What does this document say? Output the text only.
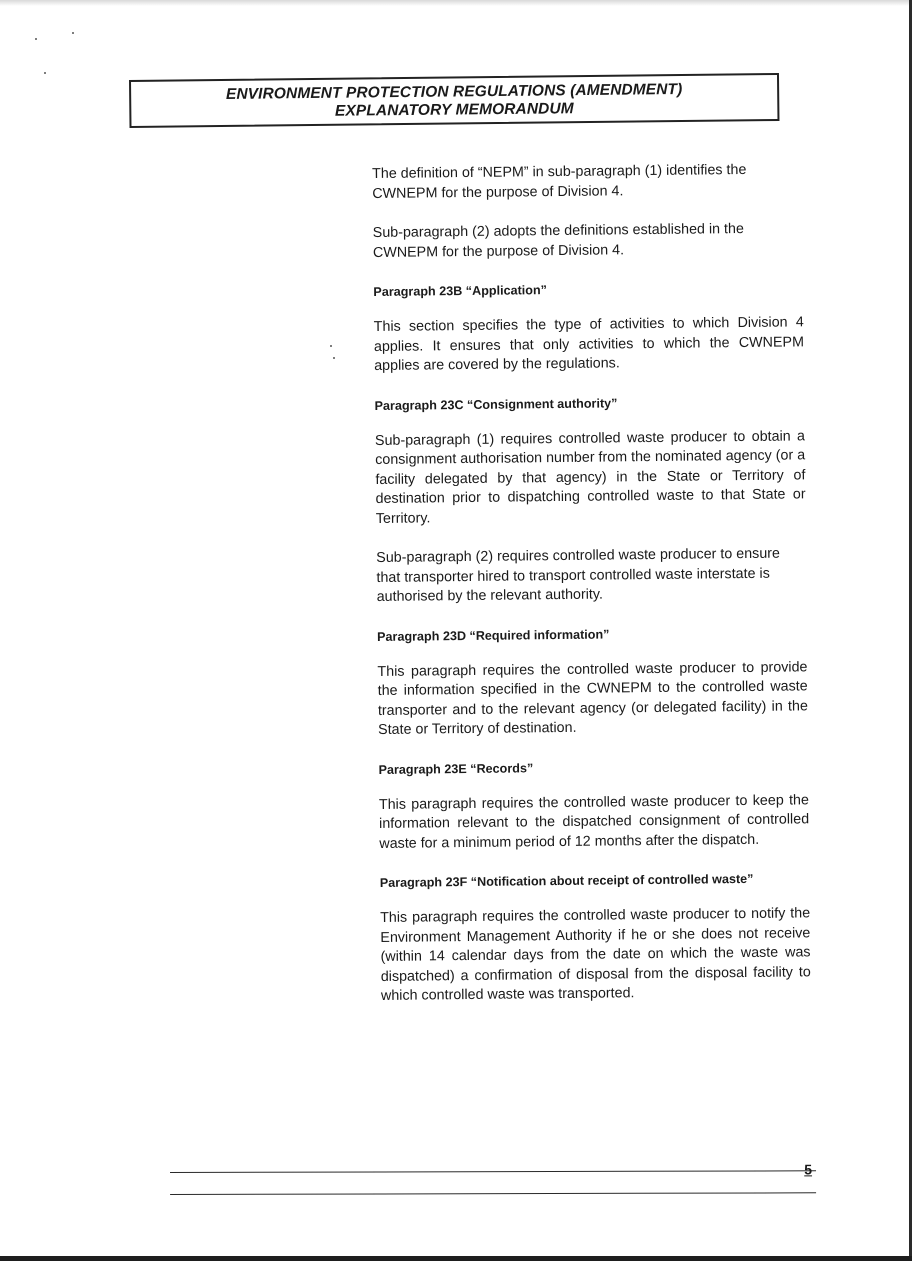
ENVIRONMENT PROTECTION REGULATIONS (AMENDMENT)
EXPLANATORY MEMORANDUM

The definition of “NEPM” in sub-paragraph (1) identifies the CWNEPM for the purpose of Division 4.

Sub-paragraph (2) adopts the definitions established in the CWNEPM for the purpose of Division 4.

Paragraph 23B “Application”

This section specifies the type of activities to which Division 4 applies. It ensures that only activities to which the CWNEPM applies are covered by the regulations.

Paragraph 23C “Consignment authority”

Sub-paragraph (1) requires controlled waste producer to obtain a consignment authorisation number from the nominated agency (or a facility delegated by that agency) in the State or Territory of destination prior to dispatching controlled waste to that State or Territory.

Sub-paragraph (2) requires controlled waste producer to ensure that transporter hired to transport controlled waste interstate is authorised by the relevant authority.

Paragraph 23D “Required information”

This paragraph requires the controlled waste producer to provide the information specified in the CWNEPM to the controlled waste transporter and to the relevant agency (or delegated facility) in the State or Territory of destination.

Paragraph 23E “Records”

This paragraph requires the controlled waste producer to keep the information relevant to the dispatched consignment of controlled waste for a minimum period of 12 months after the dispatch.

Paragraph 23F “Notification about receipt of controlled waste”

This paragraph requires the controlled waste producer to notify the Environment Management Authority if he or she does not receive (within 14 calendar days from the date on which the waste was dispatched) a confirmation of disposal from the disposal facility to which controlled waste was transported.

5
